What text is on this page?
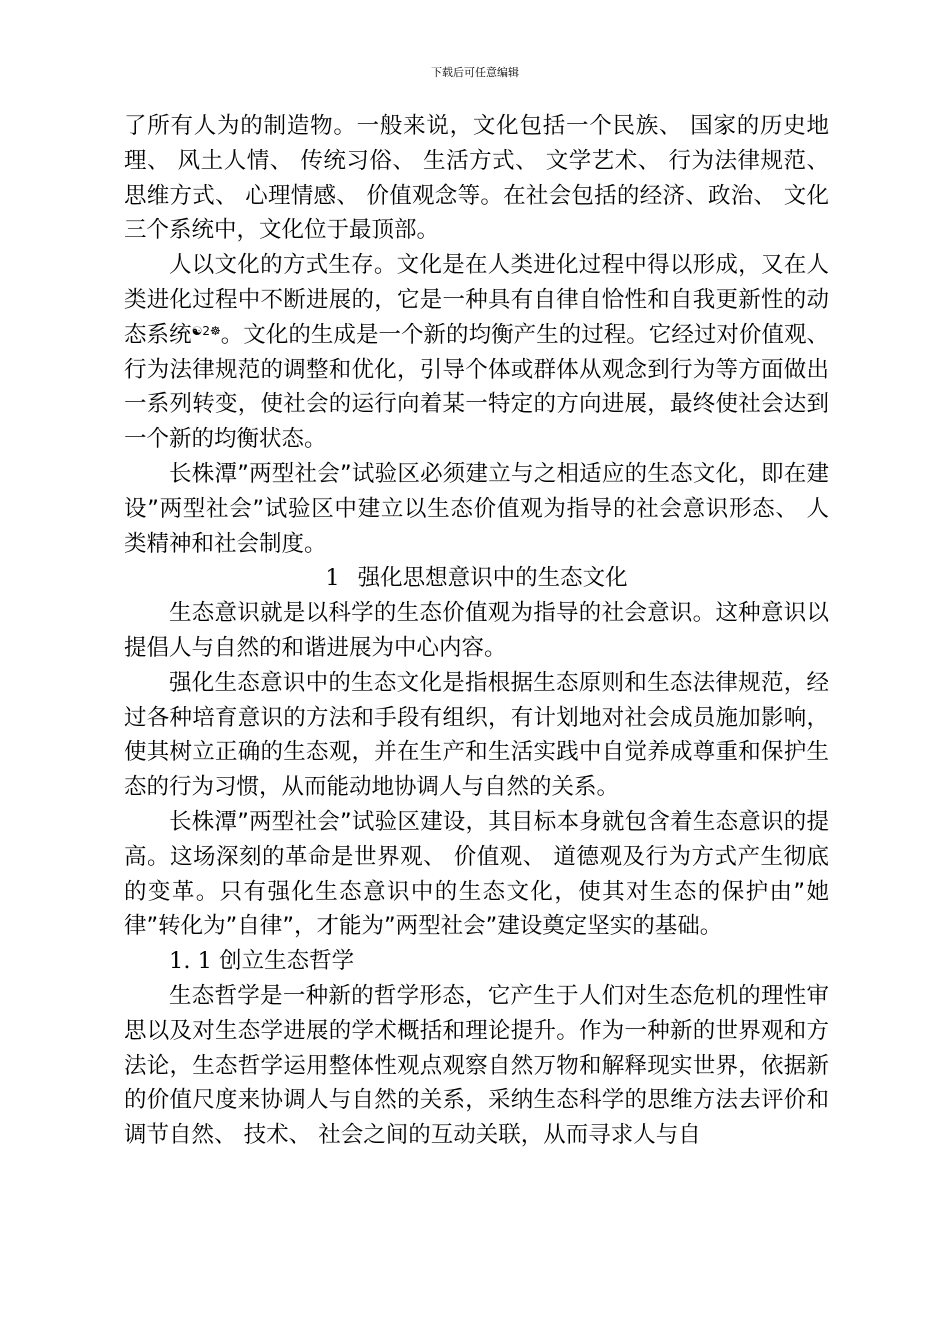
下载后可任意编辑

了所有人为的制造物。一般来说，文化包括一个民族、 国家的历史地理、 风土人情、 传统习俗、 生活方式、 文学艺术、 行为法律规范、 思维方式、 心理情感、 价值观念等。在社会包括的经济、政治、 文化三个系统中，文化位于最顶部。

人以文化的方式生存。文化是在人类进化过程中得以形成，又在人类进化过程中不断进展的，它是一种具有自律自恰性和自我更新性的动态系统$^{☯2☸}$。文化的生成是一个新的均衡产生的过程。它经过对价值观、 行为法律规范的调整和优化，引导个体或群体从观念到行为等方面做出一系列转变，使社会的运行向着某一特定的方向进展，最终使社会达到一个新的均衡状态。

长株潭”两型社会”试验区必须建立与之相适应的生态文化，即在建设”两型社会”试验区中建立以生态价值观为指导的社会意识形态、 人类精神和社会制度。

1 强化思想意识中的生态文化

生态意识就是以科学的生态价值观为指导的社会意识。这种意识以提倡人与自然的和谐进展为中心内容。

强化生态意识中的生态文化是指根据生态原则和生态法律规范，经过各种培育意识的方法和手段有组织，有计划地对社会成员施加影响，使其树立正确的生态观，并在生产和生活实践中自觉养成尊重和保护生态的行为习惯，从而能动地协调人与自然的关系。

长株潭”两型社会”试验区建设，其目标本身就包含着生态意识的提高。这场深刻的革命是世界观、 价值观、 道德观及行为方式产生彻底的变革。只有强化生态意识中的生态文化，使其对生态的保护由”她律”转化为”自律”，才能为”两型社会”建设奠定坚实的基础。

1. 1 创立生态哲学

生态哲学是一种新的哲学形态，它产生于人们对生态危机的理性审思以及对生态学进展的学术概括和理论提升。作为一种新的世界观和方法论，生态哲学运用整体性观点观察自然万物和解释现实世界，依据新的价值尺度来协调人与自然的关系，采纳生态科学的思维方法去评价和调节自然、 技术、 社会之间的互动关联，从而寻求人与自
